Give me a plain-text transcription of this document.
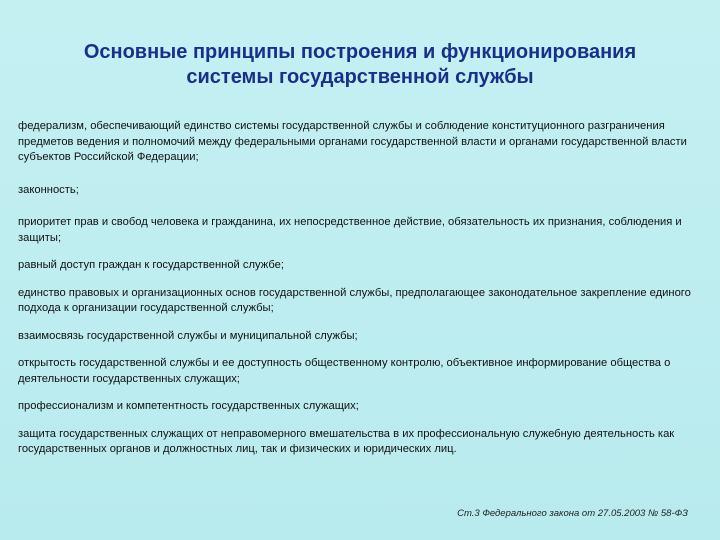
Основные принципы построения и функционирования
системы государственной службы
федерализм, обеспечивающий единство системы государственной службы и соблюдение конституционного разграничения предметов ведения и полномочий между федеральными органами государственной власти и органами государственной власти субъектов Российской Федерации;
законность;
приоритет прав и свобод человека и гражданина, их непосредственное действие, обязательность их признания, соблюдения и защиты;
равный доступ граждан к государственной службе;
единство правовых и организационных основ государственной службы, предполагающее законодательное закрепление единого подхода к организации государственной службы;
взаимосвязь государственной службы и муниципальной службы;
открытость государственной службы и ее доступность общественному контролю, объективное информирование общества о деятельности государственных служащих;
профессионализм и компетентность государственных служащих;
защита государственных служащих от неправомерного вмешательства в их профессиональную служебную деятельность как государственных органов и должностных лиц, так и физических и юридических лиц.
Ст.3 Федерального закона от 27.05.2003 № 58-ФЗ
